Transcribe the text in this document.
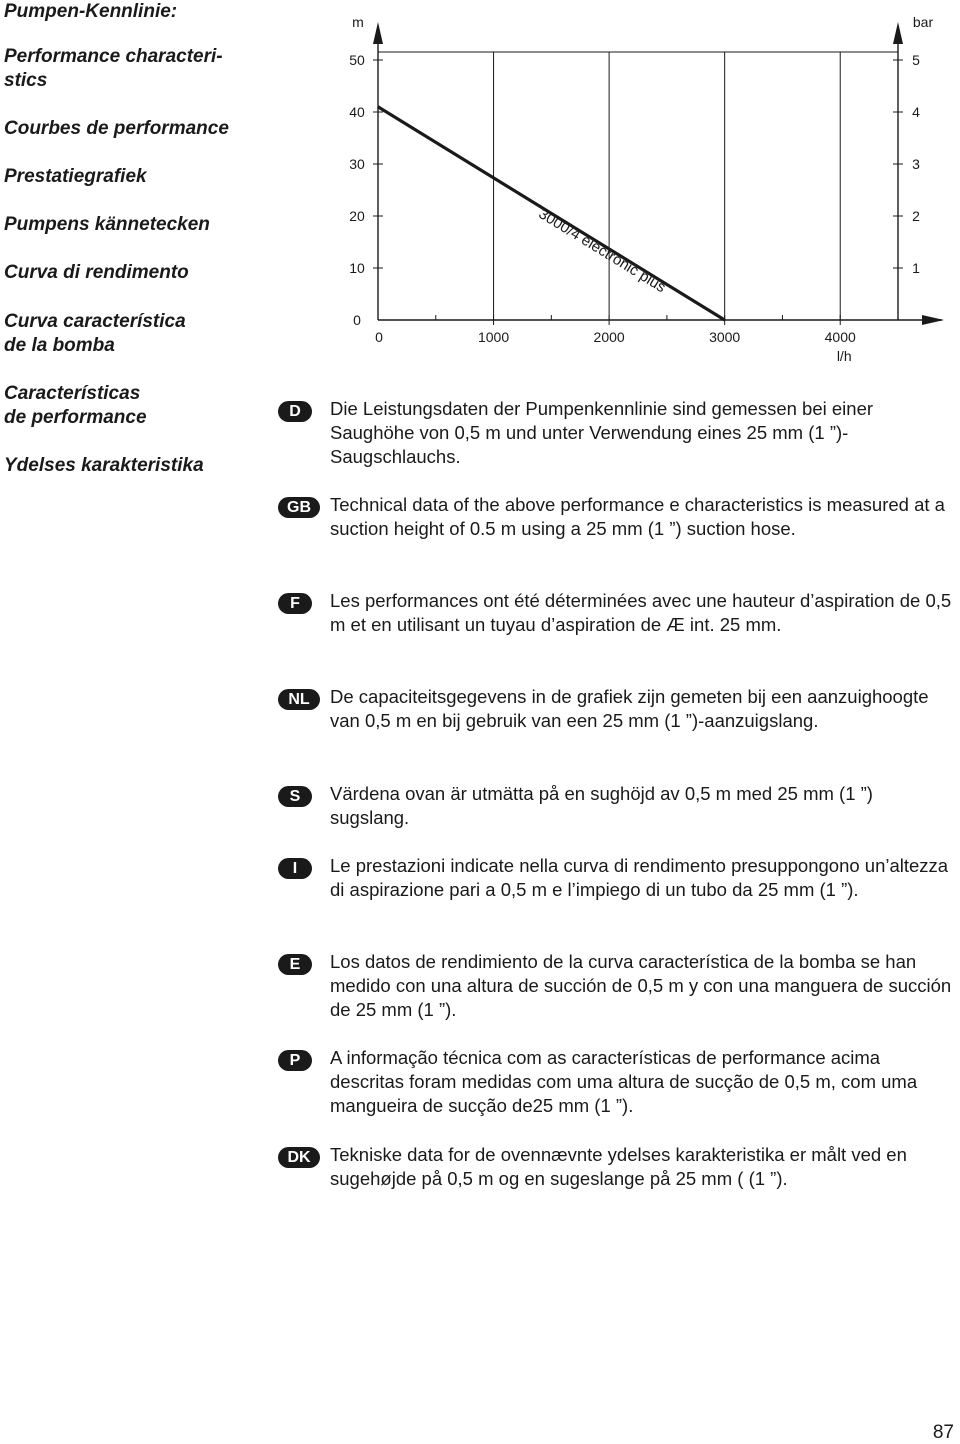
Pumpen-Kennlinie:
Performance characteri-
stics
Courbes de performance
Prestatiegrafiek
Pumpens kännetecken
Curva di rendimento
Curva característica
de la bomba
Características
de performance
Ydelses karakteristika
0
10
20
30
40
50
1
2
3
4
5
0	1000	2000	3000	4000
3000/4 electronic plus
m	bar
l/h
D	Die Leistungsdaten der Pumpenkennlinie sind gemessen bei einer Saughöhe von 0,5 m und unter Verwendung eines 25 mm (1 ”)-Saugschlauchs.
GB	Technical data of the above performance e characteristics is measured at a suction height of 0.5 m using a 25 mm (1 ”) suction hose.
F	Les performances ont été déterminées avec une hauteur d’aspiration de 0,5 m et en utilisant un tuyau d’aspiration de Æ int. 25 mm.
NL	De capaciteitsgegevens in de grafiek zijn gemeten bij een aanzuighoogte van 0,5 m en bij gebruik van een 25 mm (1 ”)-aanzuigslang.
S	Värdena ovan är utmätta på en sughöjd av 0,5 m med 25 mm (1 ”) sugslang.
I	Le prestazioni indicate nella curva di rendimento presuppongono un’altezza di aspirazione pari a 0,5 m e l’impiego di un tubo da 25 mm (1 ”).
E	Los datos de rendimiento de la curva característica de la bomba se han medido con una altura de succión de 0,5 m y con una manguera de succión de 25 mm (1 ”).
P	A informação técnica com as características de performance acima descritas foram medidas com uma altura de sucção de 0,5 m, com uma mangueira de sucção de25 mm (1 ”).
DK	Tekniske data for de ovennævnte ydelses karakteristika er målt ved en sugehøjde på 0,5 m og en sugeslange på 25 mm ( (1 ”).
87
